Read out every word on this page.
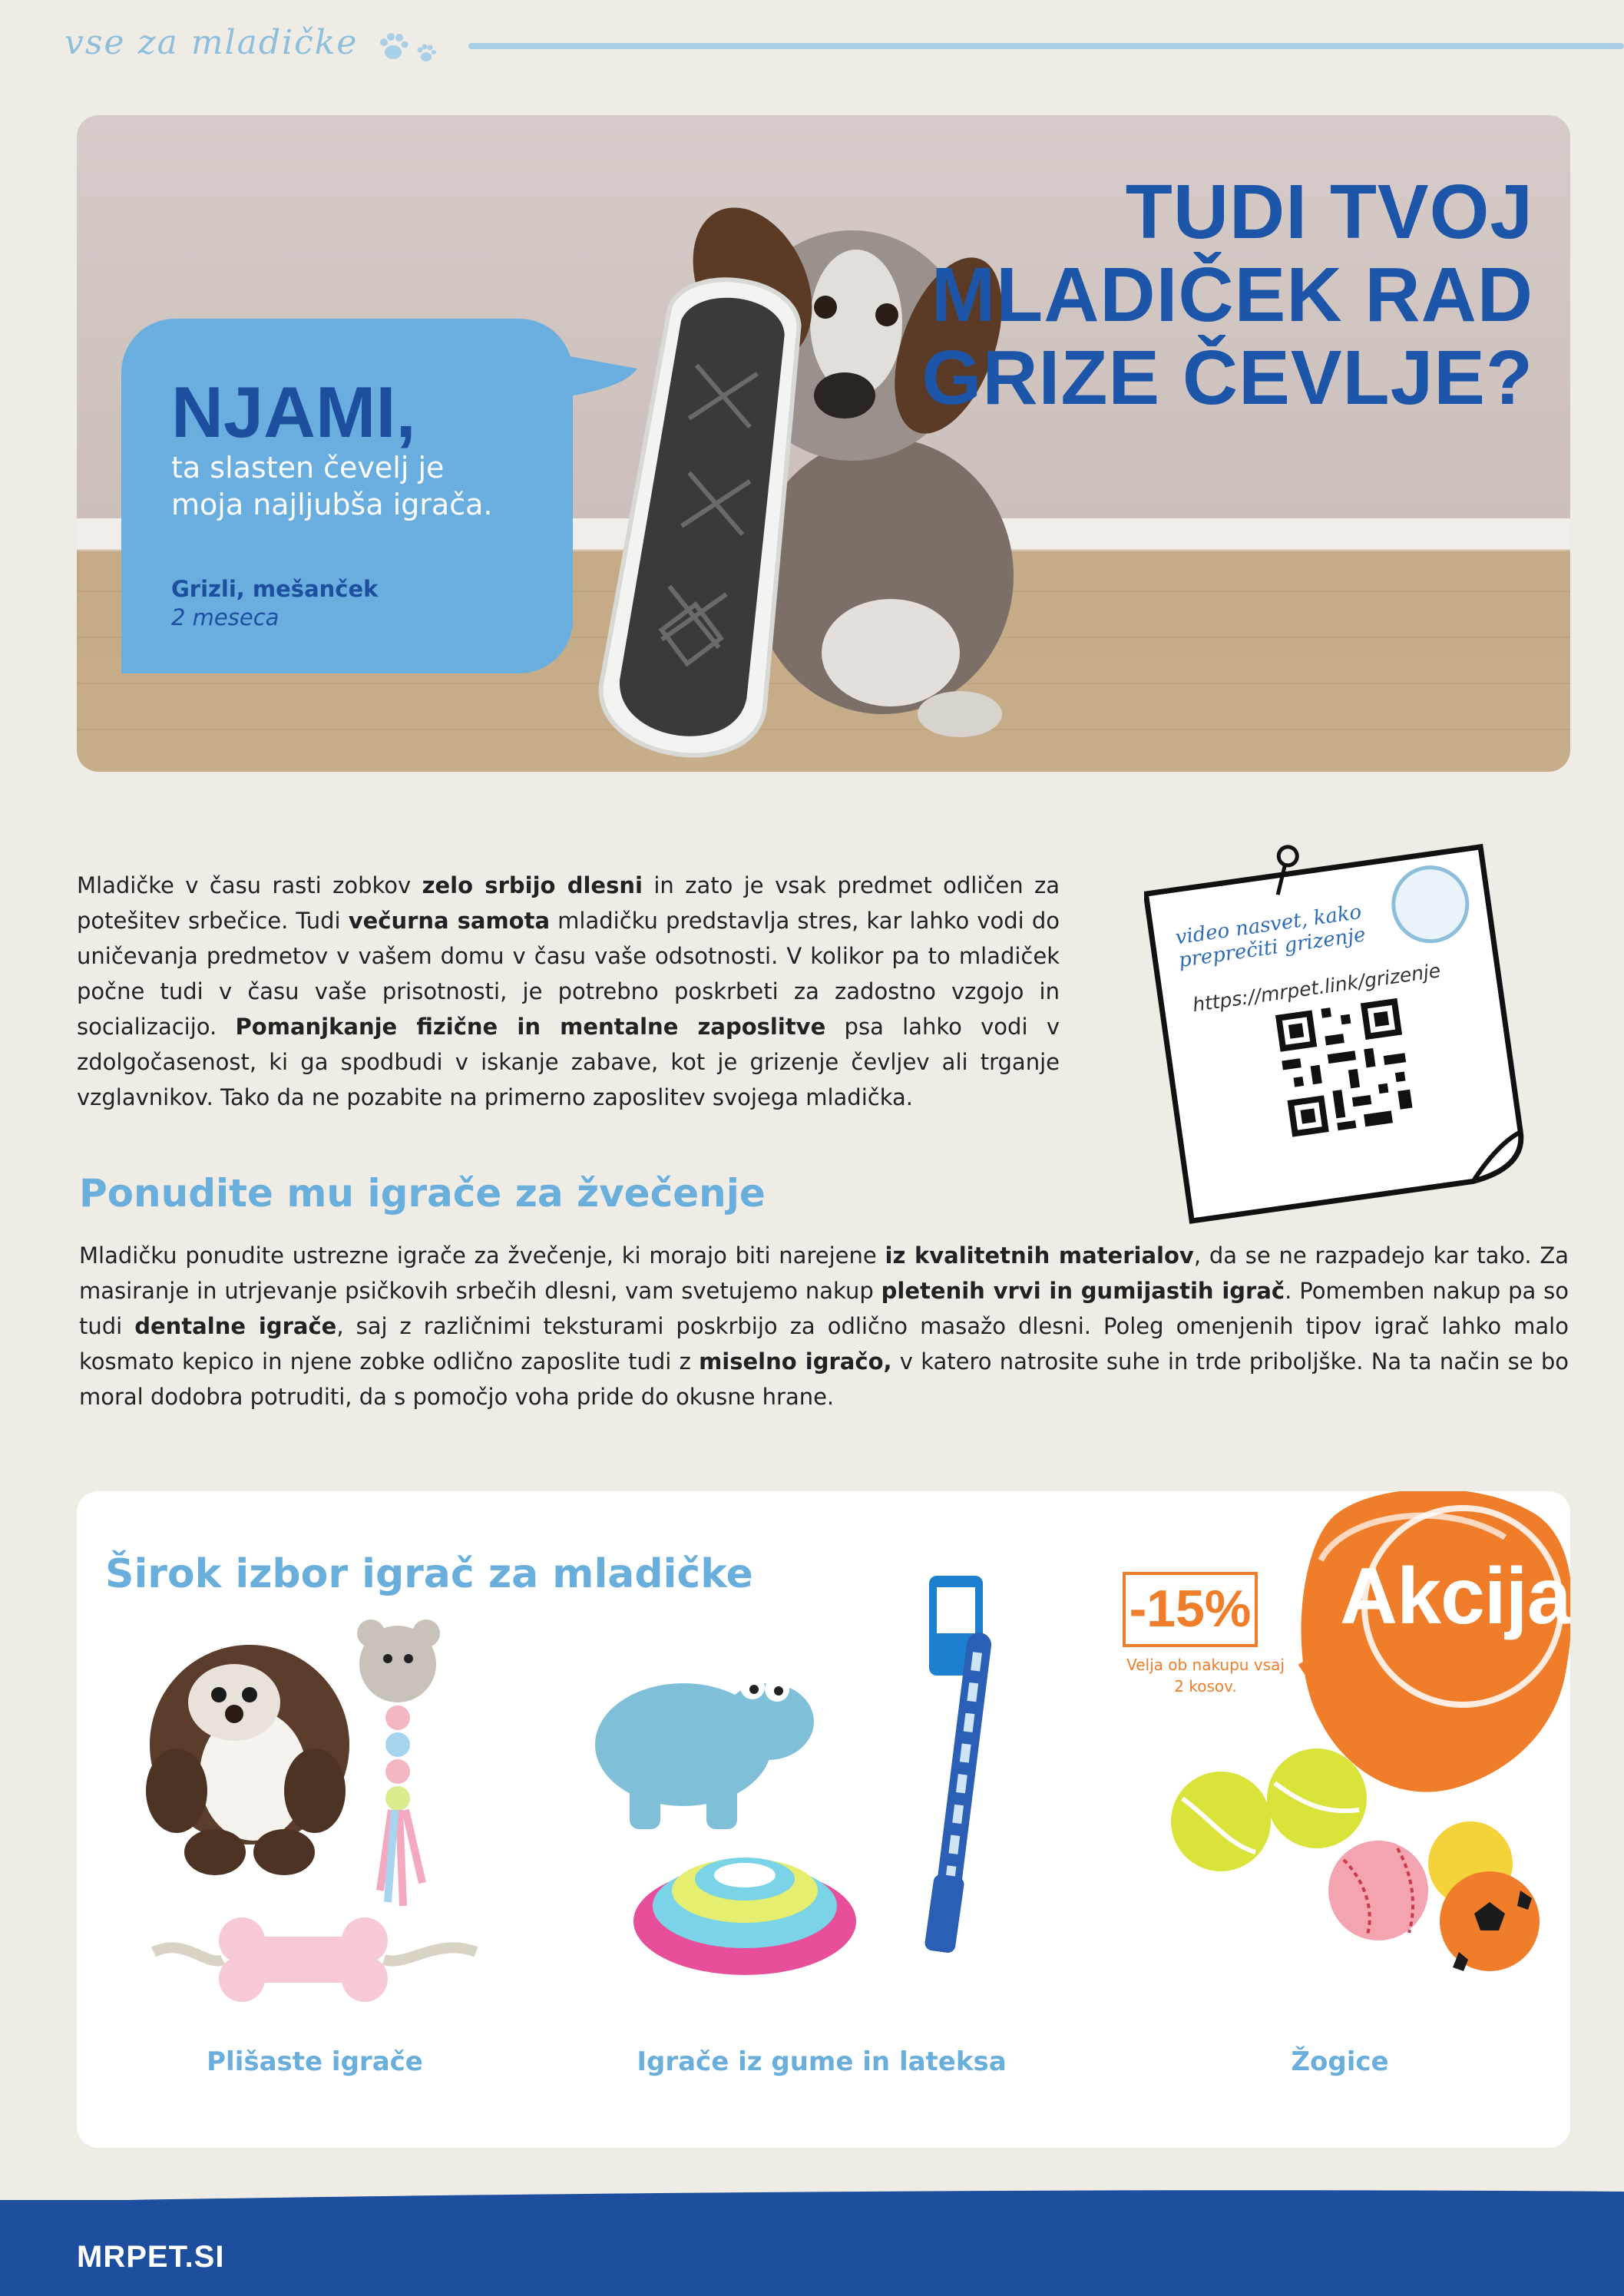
vse za mladičke
TUDI TVOJ
MLADIČEK RAD
GRIZE ČEVLJE?
NJAMI,
ta slasten čevelj je moja najljubša igrača.
Grizli, mešanček
2 meseca
Mladičke v času rasti zobkov zelo srbijo dlesni in zato je vsak predmet odličen za potešitev srbečice. Tudi večurna samota mladičku predstavlja stres, kar lahko vodi do uničevanja predmetov v vašem domu v času vaše odsotnosti. V kolikor pa to mladiček počne tudi v času vaše prisotnosti, je potrebno poskrbeti za zadostno vzgojo in socializacijo. Pomanjkanje fizične in mentalne zaposlitve psa lahko vodi v zdolgočasenost, ki ga spodbudi v iskanje zabave, kot je grizenje čevljev ali trganje vzglavnikov. Tako da ne pozabite na primerno zaposlitev svojega mladička.
video nasvet, kako preprečiti grizenje
https://mrpet.link/grizenje
Ponudite mu igrače za žvečenje
Mladičku ponudite ustrezne igrače za žvečenje, ki morajo biti narejene iz kvalitetnih materialov, da se ne razpadejo kar tako. Za masiranje in utrjevanje psičkovih srbečih dlesni, vam svetujemo nakup pletenih vrvi in gumijastih igrač. Pomemben nakup pa so tudi dentalne igrače, saj z različnimi teksturami poskrbijo za odlično masažo dlesni. Poleg omenjenih tipov igrač lahko malo kosmato kepico in njene zobke odlično zaposlite tudi z miselno igračo, v katero natrosite suhe in trde priboljške. Na ta način se bo moral dodobra potruditi, da s pomočjo voha pride do okusne hrane.
Akcija
-15%
Velja ob nakupu vsaj 2 kosov.
Širok izbor igrač za mladičke
Plišaste igrače	Igrače iz gume in lateksa	Žogice
MRPET.SI
